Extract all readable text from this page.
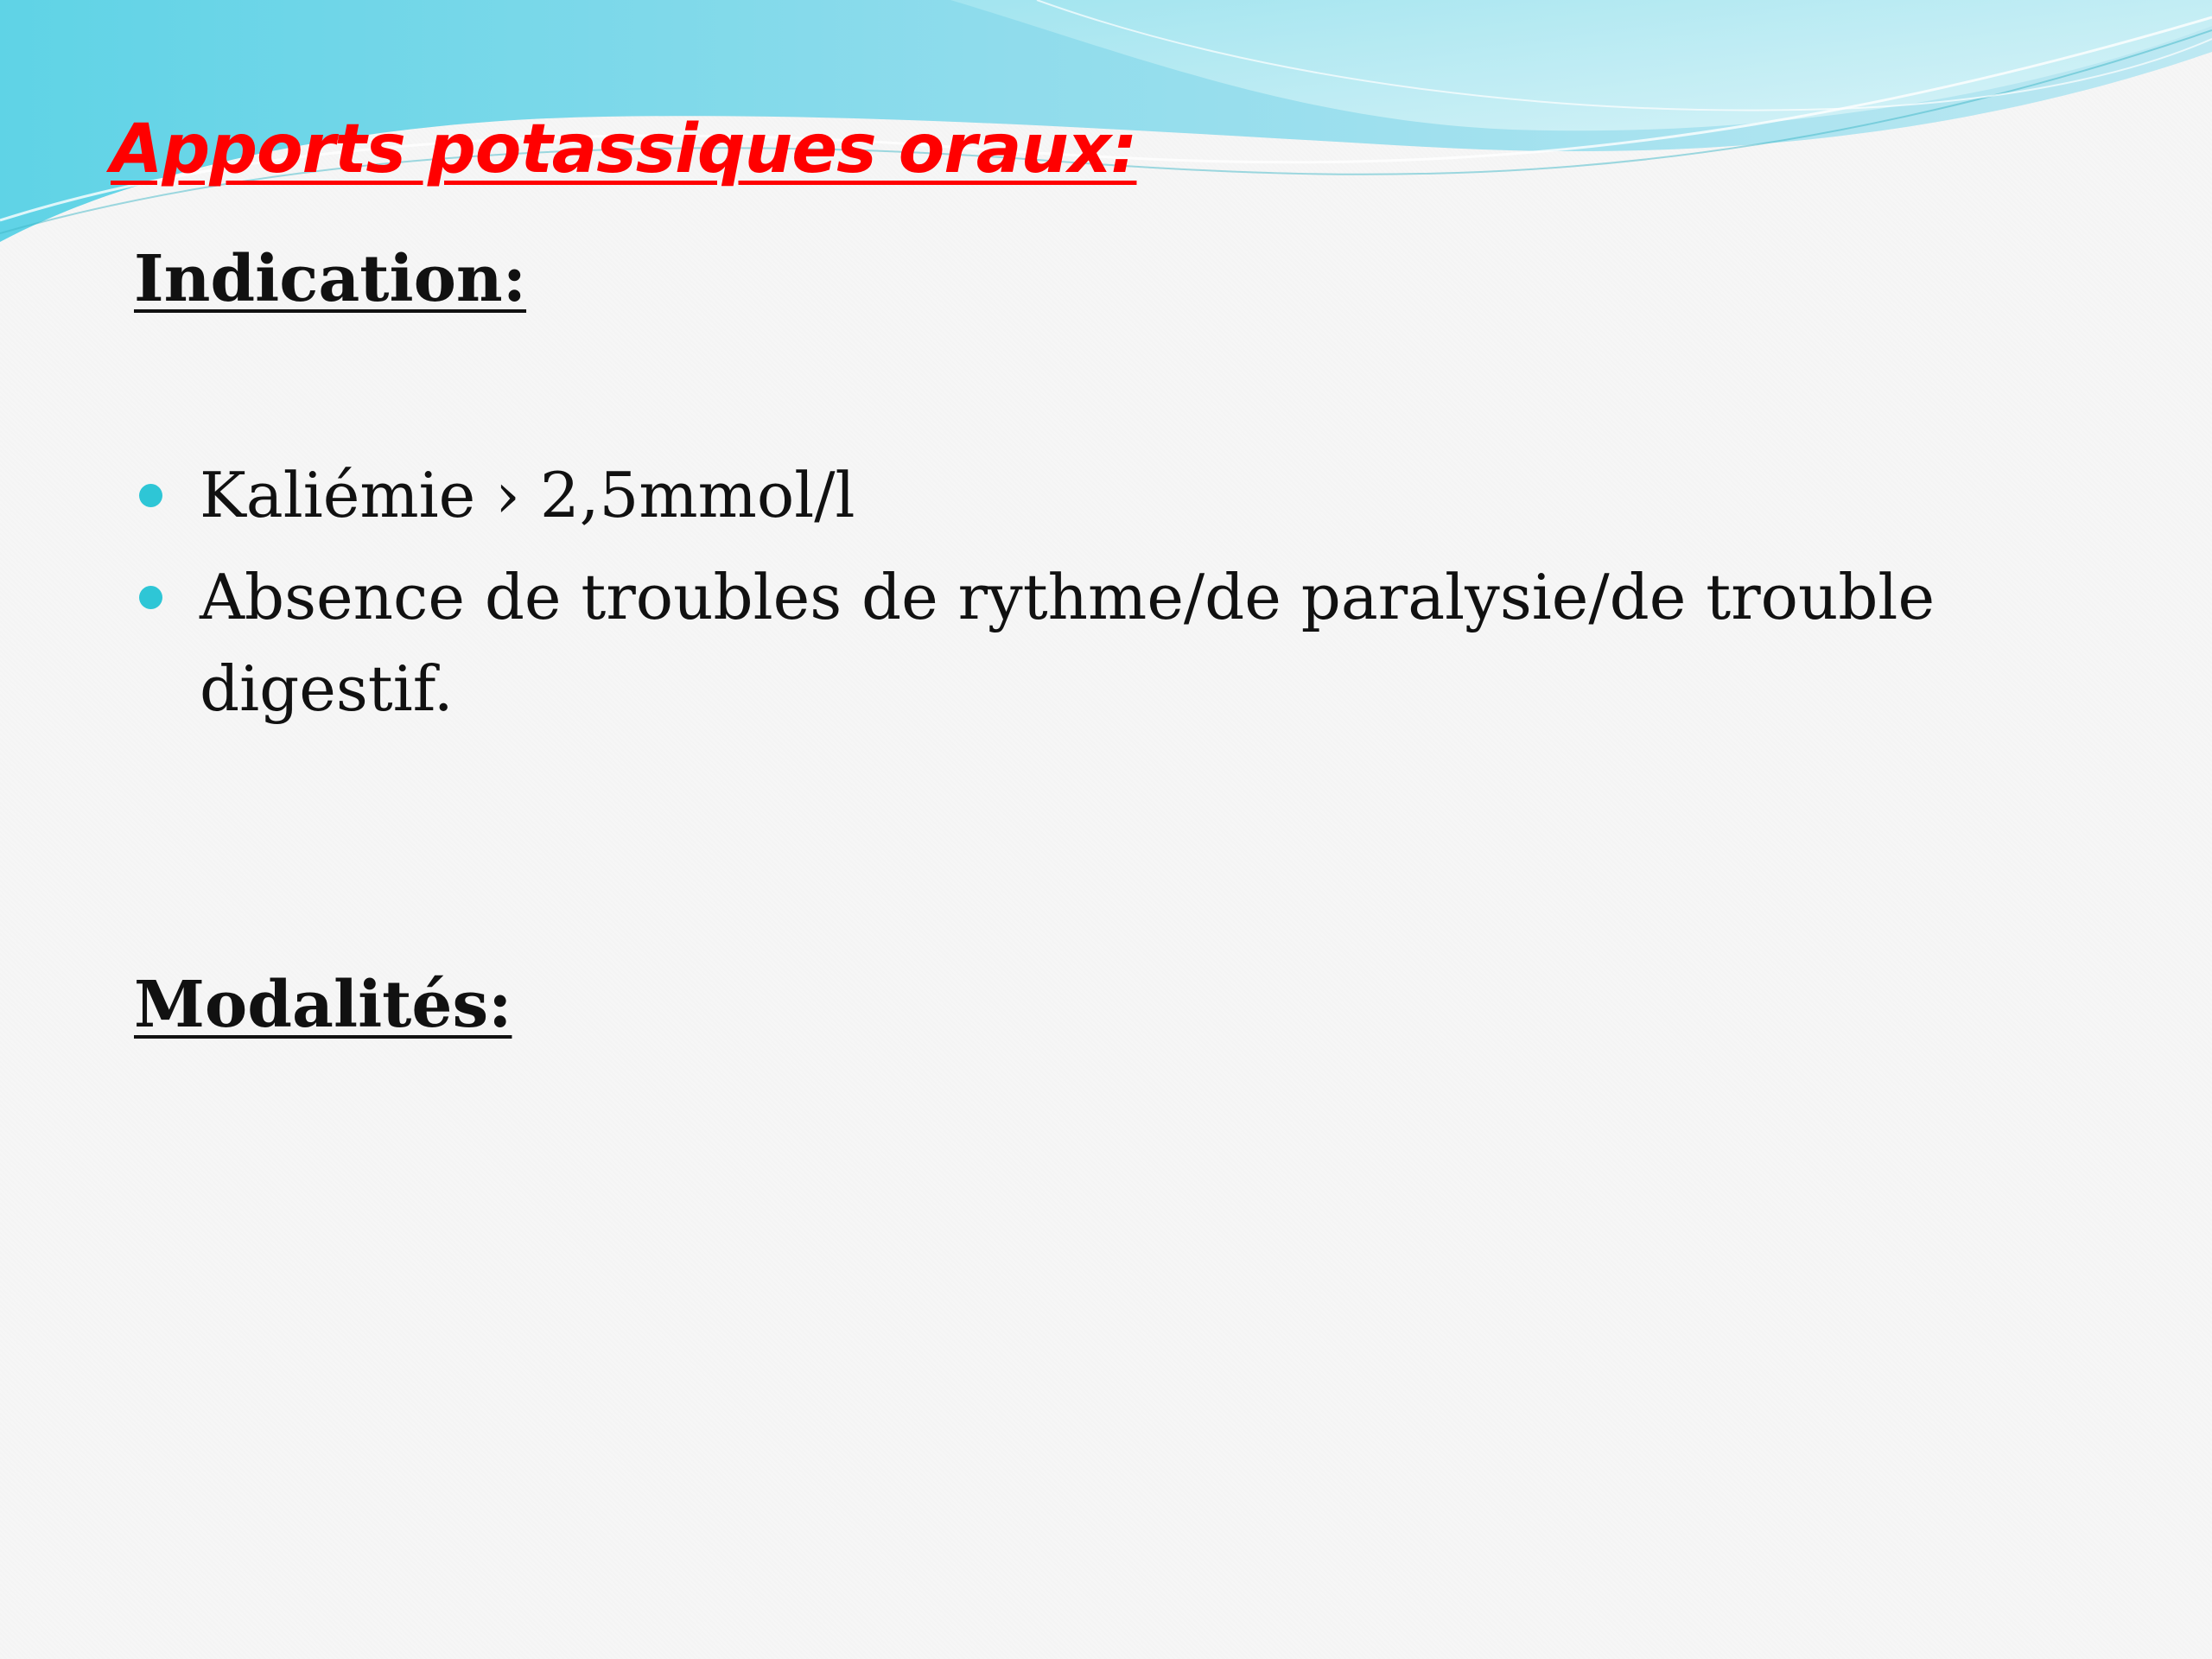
Apports potassiques oraux:
Indication:
Kaliémie › 2,5mmol/l
Absence de troubles de rythme/de paralysie/de trouble digestif.
Modalités:
